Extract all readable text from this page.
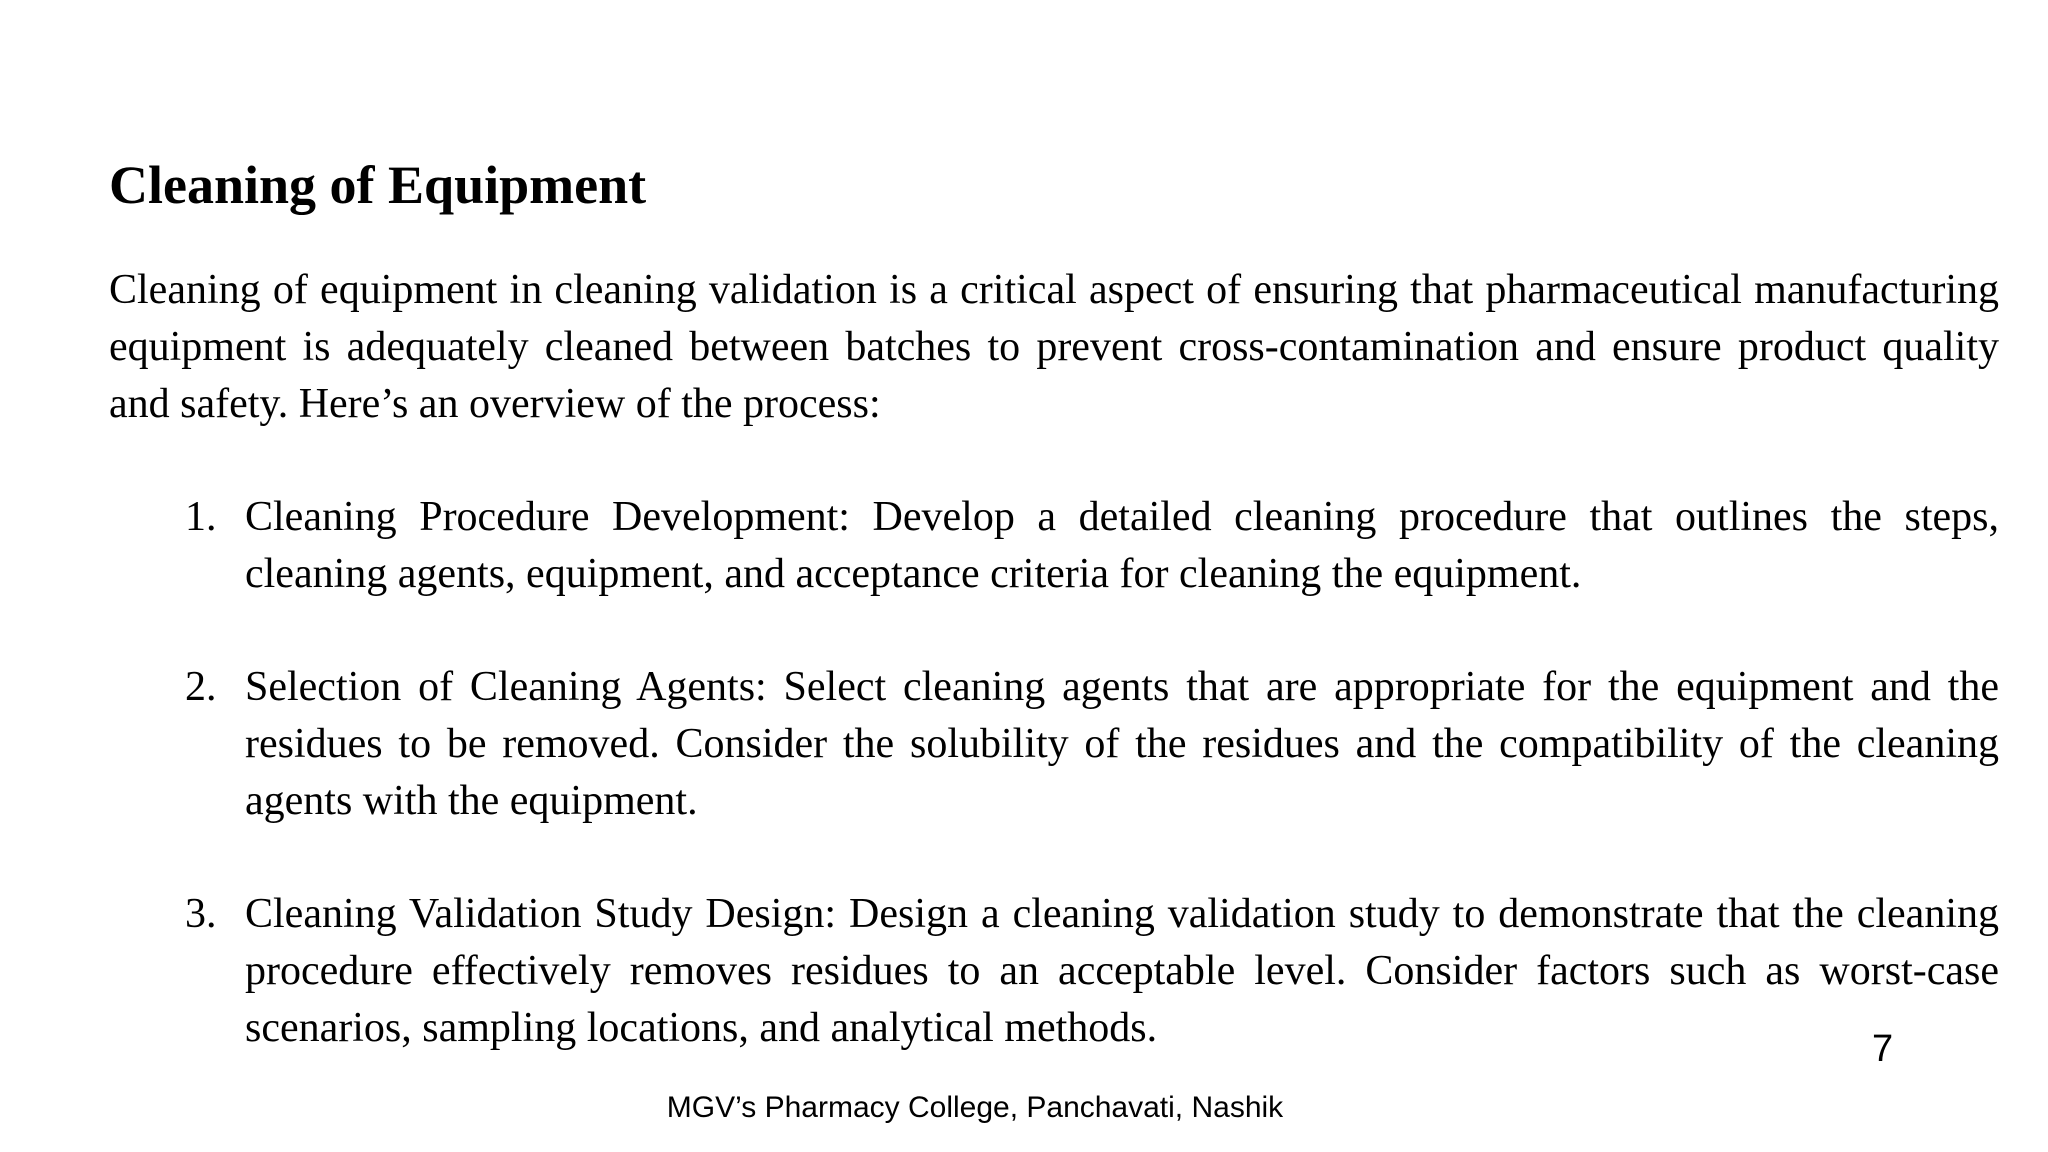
Cleaning of Equipment

Cleaning of equipment in cleaning validation is a critical aspect of ensuring that pharmaceutical manufacturing equipment is adequately cleaned between batches to prevent cross-contamination and ensure product quality and safety. Here’s an overview of the process:

1. Cleaning Procedure Development: Develop a detailed cleaning procedure that outlines the steps, cleaning agents, equipment, and acceptance criteria for cleaning the equipment.
2. Selection of Cleaning Agents: Select cleaning agents that are appropriate for the equipment and the residues to be removed. Consider the solubility of the residues and the compatibility of the cleaning agents with the equipment.
3. Cleaning Validation Study Design: Design a cleaning validation study to demonstrate that the cleaning procedure effectively removes residues to an acceptable level. Consider factors such as worst-case scenarios, sampling locations, and analytical methods.	7
MGV’s Pharmacy College, Panchavati, Nashik
